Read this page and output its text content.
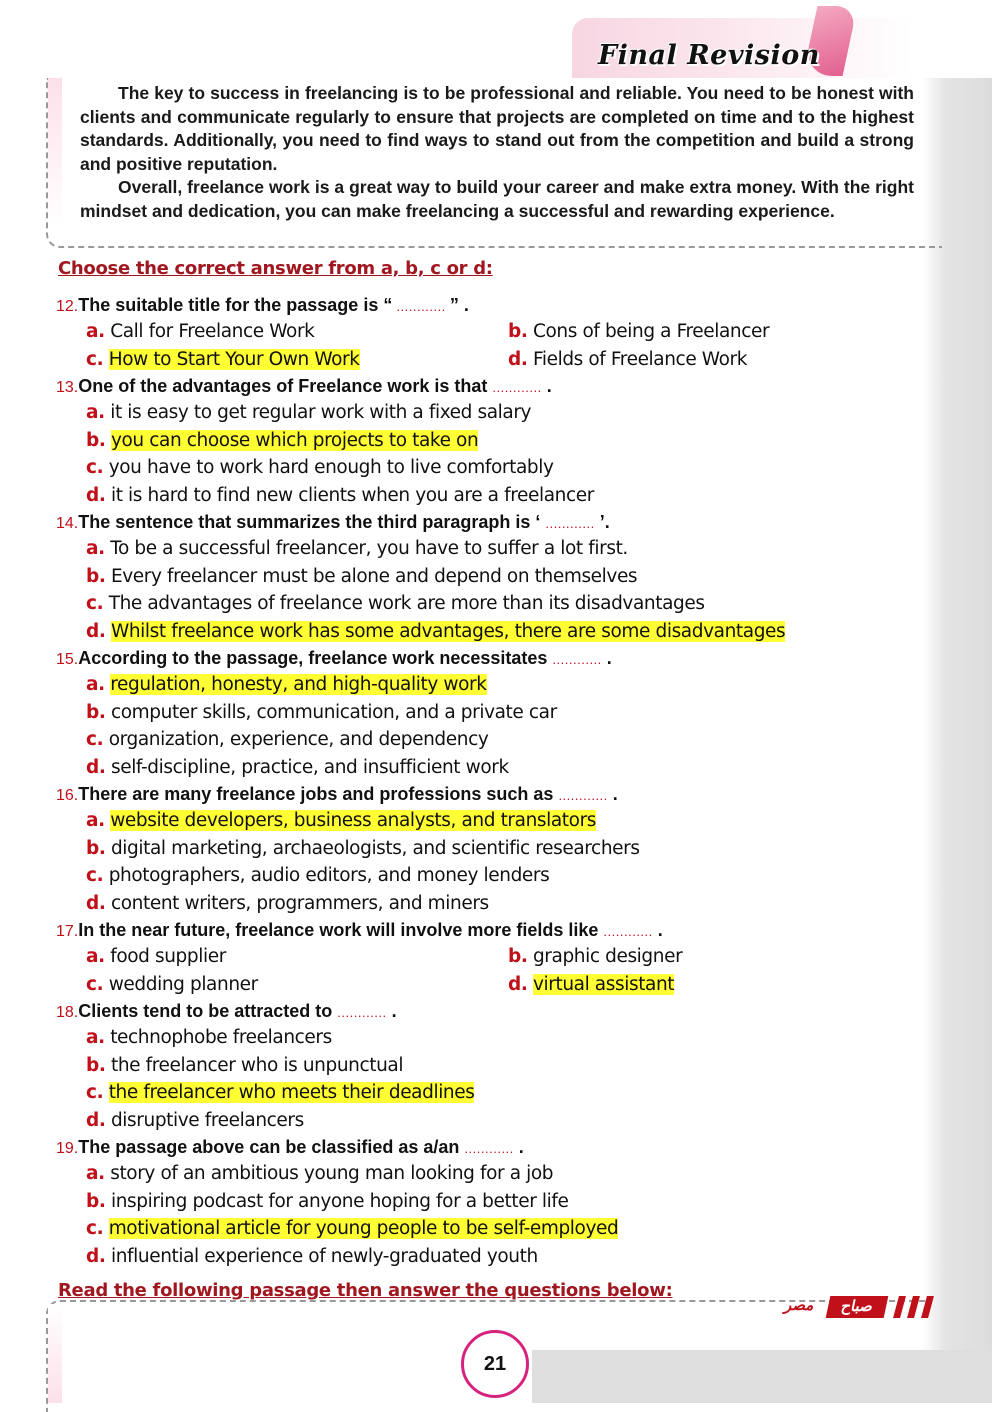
Final Revision

The key to success in freelancing is to be professional and reliable. You need to be honest with clients and communicate regularly to ensure that projects are completed on time and to the highest standards. Additionally, you need to find ways to stand out from the competition and build a strong and positive reputation.

Overall, freelance work is a great way to build your career and make extra money. With the right mindset and dedication, you can make freelancing a successful and rewarding experience.

Choose the correct answer from a, b, c or d:
12.The suitable title for the passage is “ ............ ” .
a. Call for Freelance Work	b. Cons of being a Freelancer
c. How to Start Your Own Work	d. Fields of Freelance Work
13.One of the advantages of Freelance work is that ............ .
a. it is easy to get regular work with a fixed salary
b. you can choose which projects to take on
c. you have to work hard enough to live comfortably
d. it is hard to find new clients when you are a freelancer
14.The sentence that summarizes the third paragraph is ‘ ............ ’.
a. To be a successful freelancer, you have to suffer a lot first.
b. Every freelancer must be alone and depend on themselves
c. The advantages of freelance work are more than its disadvantages
d. Whilst freelance work has some advantages, there are some disadvantages
15.According to the passage, freelance work necessitates ............ .
a. regulation, honesty, and high-quality work
b. computer skills, communication, and a private car
c. organization, experience, and dependency
d. self-discipline, practice, and insufficient work
16.There are many freelance jobs and professions such as ............ .
a. website developers, business analysts, and translators
b. digital marketing, archaeologists, and scientific researchers
c. photographers, audio editors, and money lenders
d. content writers, programmers, and miners
17.In the near future, freelance work will involve more fields like ............ .
a. food supplier	b. graphic designer
c. wedding planner	d. virtual assistant
18.Clients tend to be attracted to ............ .
a. technophobe freelancers
b. the freelancer who is unpunctual
c. the freelancer who meets their deadlines
d. disruptive freelancers
19.The passage above can be classified as a/an ............ .
a. story of an ambitious young man looking for a job
b. inspiring podcast for anyone hoping for a better life
c. motivational article for young people to be self-employed
d. influential experience of newly-graduated youth
Read the following passage then answer the questions below:
مصر	صباح
21
